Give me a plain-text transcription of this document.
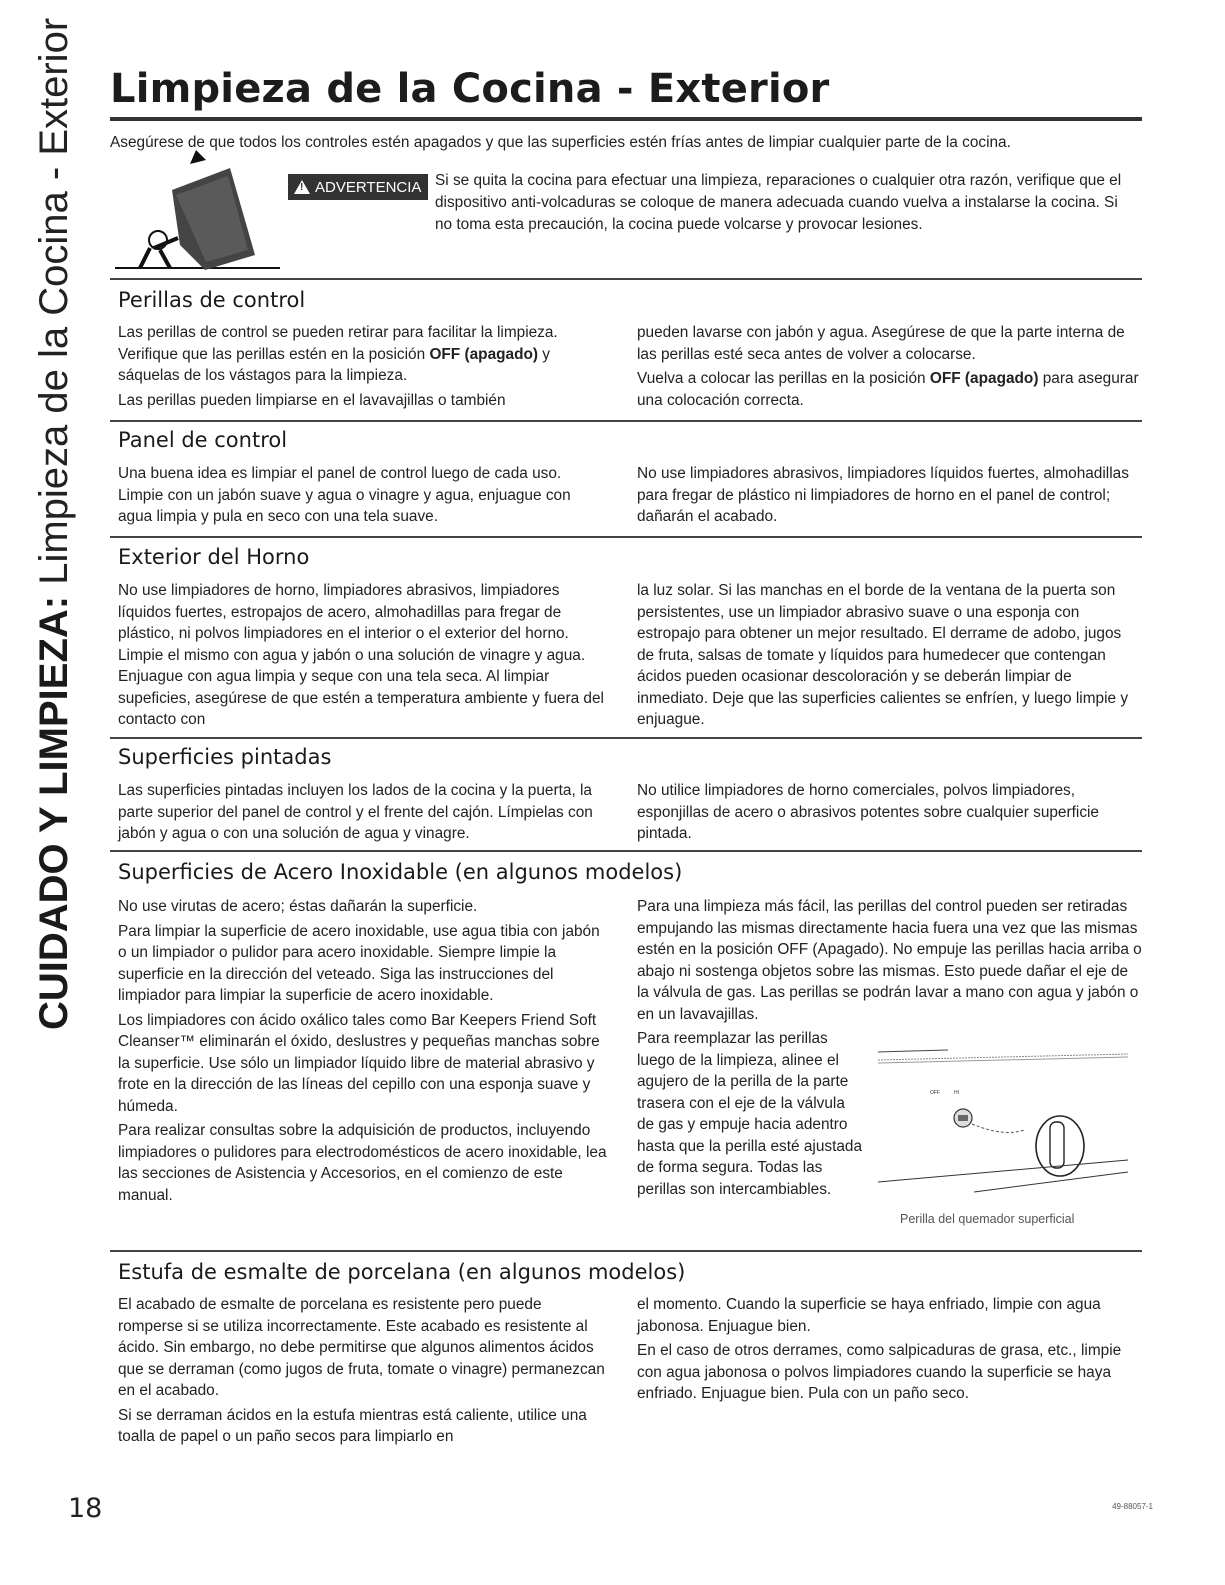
CUIDADO Y LIMPIEZA: Limpieza de la Cocina - Exterior Limpieza de la Cocina - Exterior
Asegúrese de que todos los controles estén apagados y que las superficies estén frías antes de limpiar cualquier parte de la cocina.
!
ADVERTENCIA Si se quita la cocina para efectuar una limpieza, reparaciones o cualquier otra razón, verifique que el dispositivo anti-volcaduras se coloque de manera adecuada cuando vuelva a instalarse la cocina. Si no toma esta precaución, la cocina puede volcarse y provocar lesiones.
Perillas de control

Las perillas de control se pueden retirar para facilitar la limpieza. Verifique que las perillas estén en la posición OFF (apagado) y sáquelas de los vástagos para la limpieza.

Las perillas pueden limpiarse en el lavavajillas o también

pueden lavarse con jabón y agua. Asegúrese de que la parte interna de las perillas esté seca antes de volver a colocarse.

Vuelva a colocar las perillas en la posición OFF (apagado) para asegurar una colocación correcta.

Panel de control
Una buena idea es limpiar el panel de control luego de cada uso. Limpie con un jabón suave y agua o vinagre y agua, enjuague con agua limpia y pula en seco con una tela suave.
No use limpiadores abrasivos, limpiadores líquidos fuertes, almohadillas para fregar de plástico ni limpiadores de horno en el panel de control; dañarán el acabado.
Exterior del Horno
No use limpiadores de horno, limpiadores abrasivos, limpiadores líquidos fuertes, estropajos de acero, almohadillas para fregar de plástico, ni polvos limpiadores en el interior o el exterior del horno. Limpie el mismo con agua y jabón o una solución de vinagre y agua. Enjuague con agua limpia y seque con una tela seca. Al limpiar supeficies, asegúrese de que estén a temperatura ambiente y fuera del contacto con
la luz solar. Si las manchas en el borde de la ventana de la puerta son persistentes, use un limpiador abrasivo suave o una esponja con estropajo para obtener un mejor resultado. El derrame de adobo, jugos de fruta, salsas de tomate y líquidos para humedecer que contengan ácidos pueden ocasionar descoloración y se deberán limpiar de inmediato. Deje que las superficies calientes se enfríen, y luego limpie y enjuague.
Superficies pintadas
Las superficies pintadas incluyen los lados de la cocina y la puerta, la parte superior del panel de control y el frente del cajón. Límpielas con jabón y agua o con una solución de agua y vinagre.
No utilice limpiadores de horno comerciales, polvos limpiadores, esponjillas de acero o abrasivos potentes sobre cualquier superficie pintada.
Superficies de Acero Inoxidable (en algunos modelos)

No use virutas de acero; éstas dañarán la superficie.

Para limpiar la superficie de acero inoxidable, use agua tibia con jabón o un limpiador o pulidor para acero inoxidable. Siempre limpie la superficie en la dirección del veteado. Siga las instrucciones del limpiador para limpiar la superficie de acero inoxidable.

Los limpiadores con ácido oxálico tales como Bar Keepers Friend Soft Cleanser™ eliminarán el óxido, deslustres y pequeñas manchas sobre la superficie. Use sólo un limpiador líquido libre de material abrasivo y frote en la dirección de las líneas del cepillo con una esponja suave y húmeda.

Para realizar consultas sobre la adquisición de productos, incluyendo limpiadores o pulidores para electrodomésticos de acero inoxidable, lea las secciones de Asistencia y Accesorios, en el comienzo de este manual.

Para una limpieza más fácil, las perillas del control pueden ser retiradas empujando las mismas directamente hacia fuera una vez que las mismas estén en la posición OFF (Apagado). No empuje las perillas hacia arriba o abajo ni sostenga objetos sobre las mismas. Esto puede dañar el eje de la válvula de gas. Las perillas se podrán lavar a mano con agua y jabón o en un lavavajillas.

Para reemplazar las perillas luego de la limpieza, alinee el agujero de la perilla de la parte trasera con el eje de la válvula de gas y empuje hacia adentro hasta que la perilla esté ajustada de forma segura. Todas las perillas son intercambiables.

OFF	HI
Perilla del quemador superficial
Estufa de esmalte de porcelana (en algunos modelos)

El acabado de esmalte de porcelana es resistente pero puede romperse si se utiliza incorrectamente. Este acabado es resistente al ácido. Sin embargo, no debe permitirse que algunos alimentos ácidos que se derraman (como jugos de fruta, tomate o vinagre) permanezcan en el acabado.

Si se derraman ácidos en la estufa mientras está caliente, utilice una toalla de papel o un paño secos para limpiarlo en

el momento. Cuando la superficie se haya enfriado, limpie con agua jabonosa. Enjuague bien.

En el caso de otros derrames, como salpicaduras de grasa, etc., limpie con agua jabonosa o polvos limpiadores cuando la superficie se haya enfriado. Enjuague bien. Pula con un paño seco.

18	49-88057-1
